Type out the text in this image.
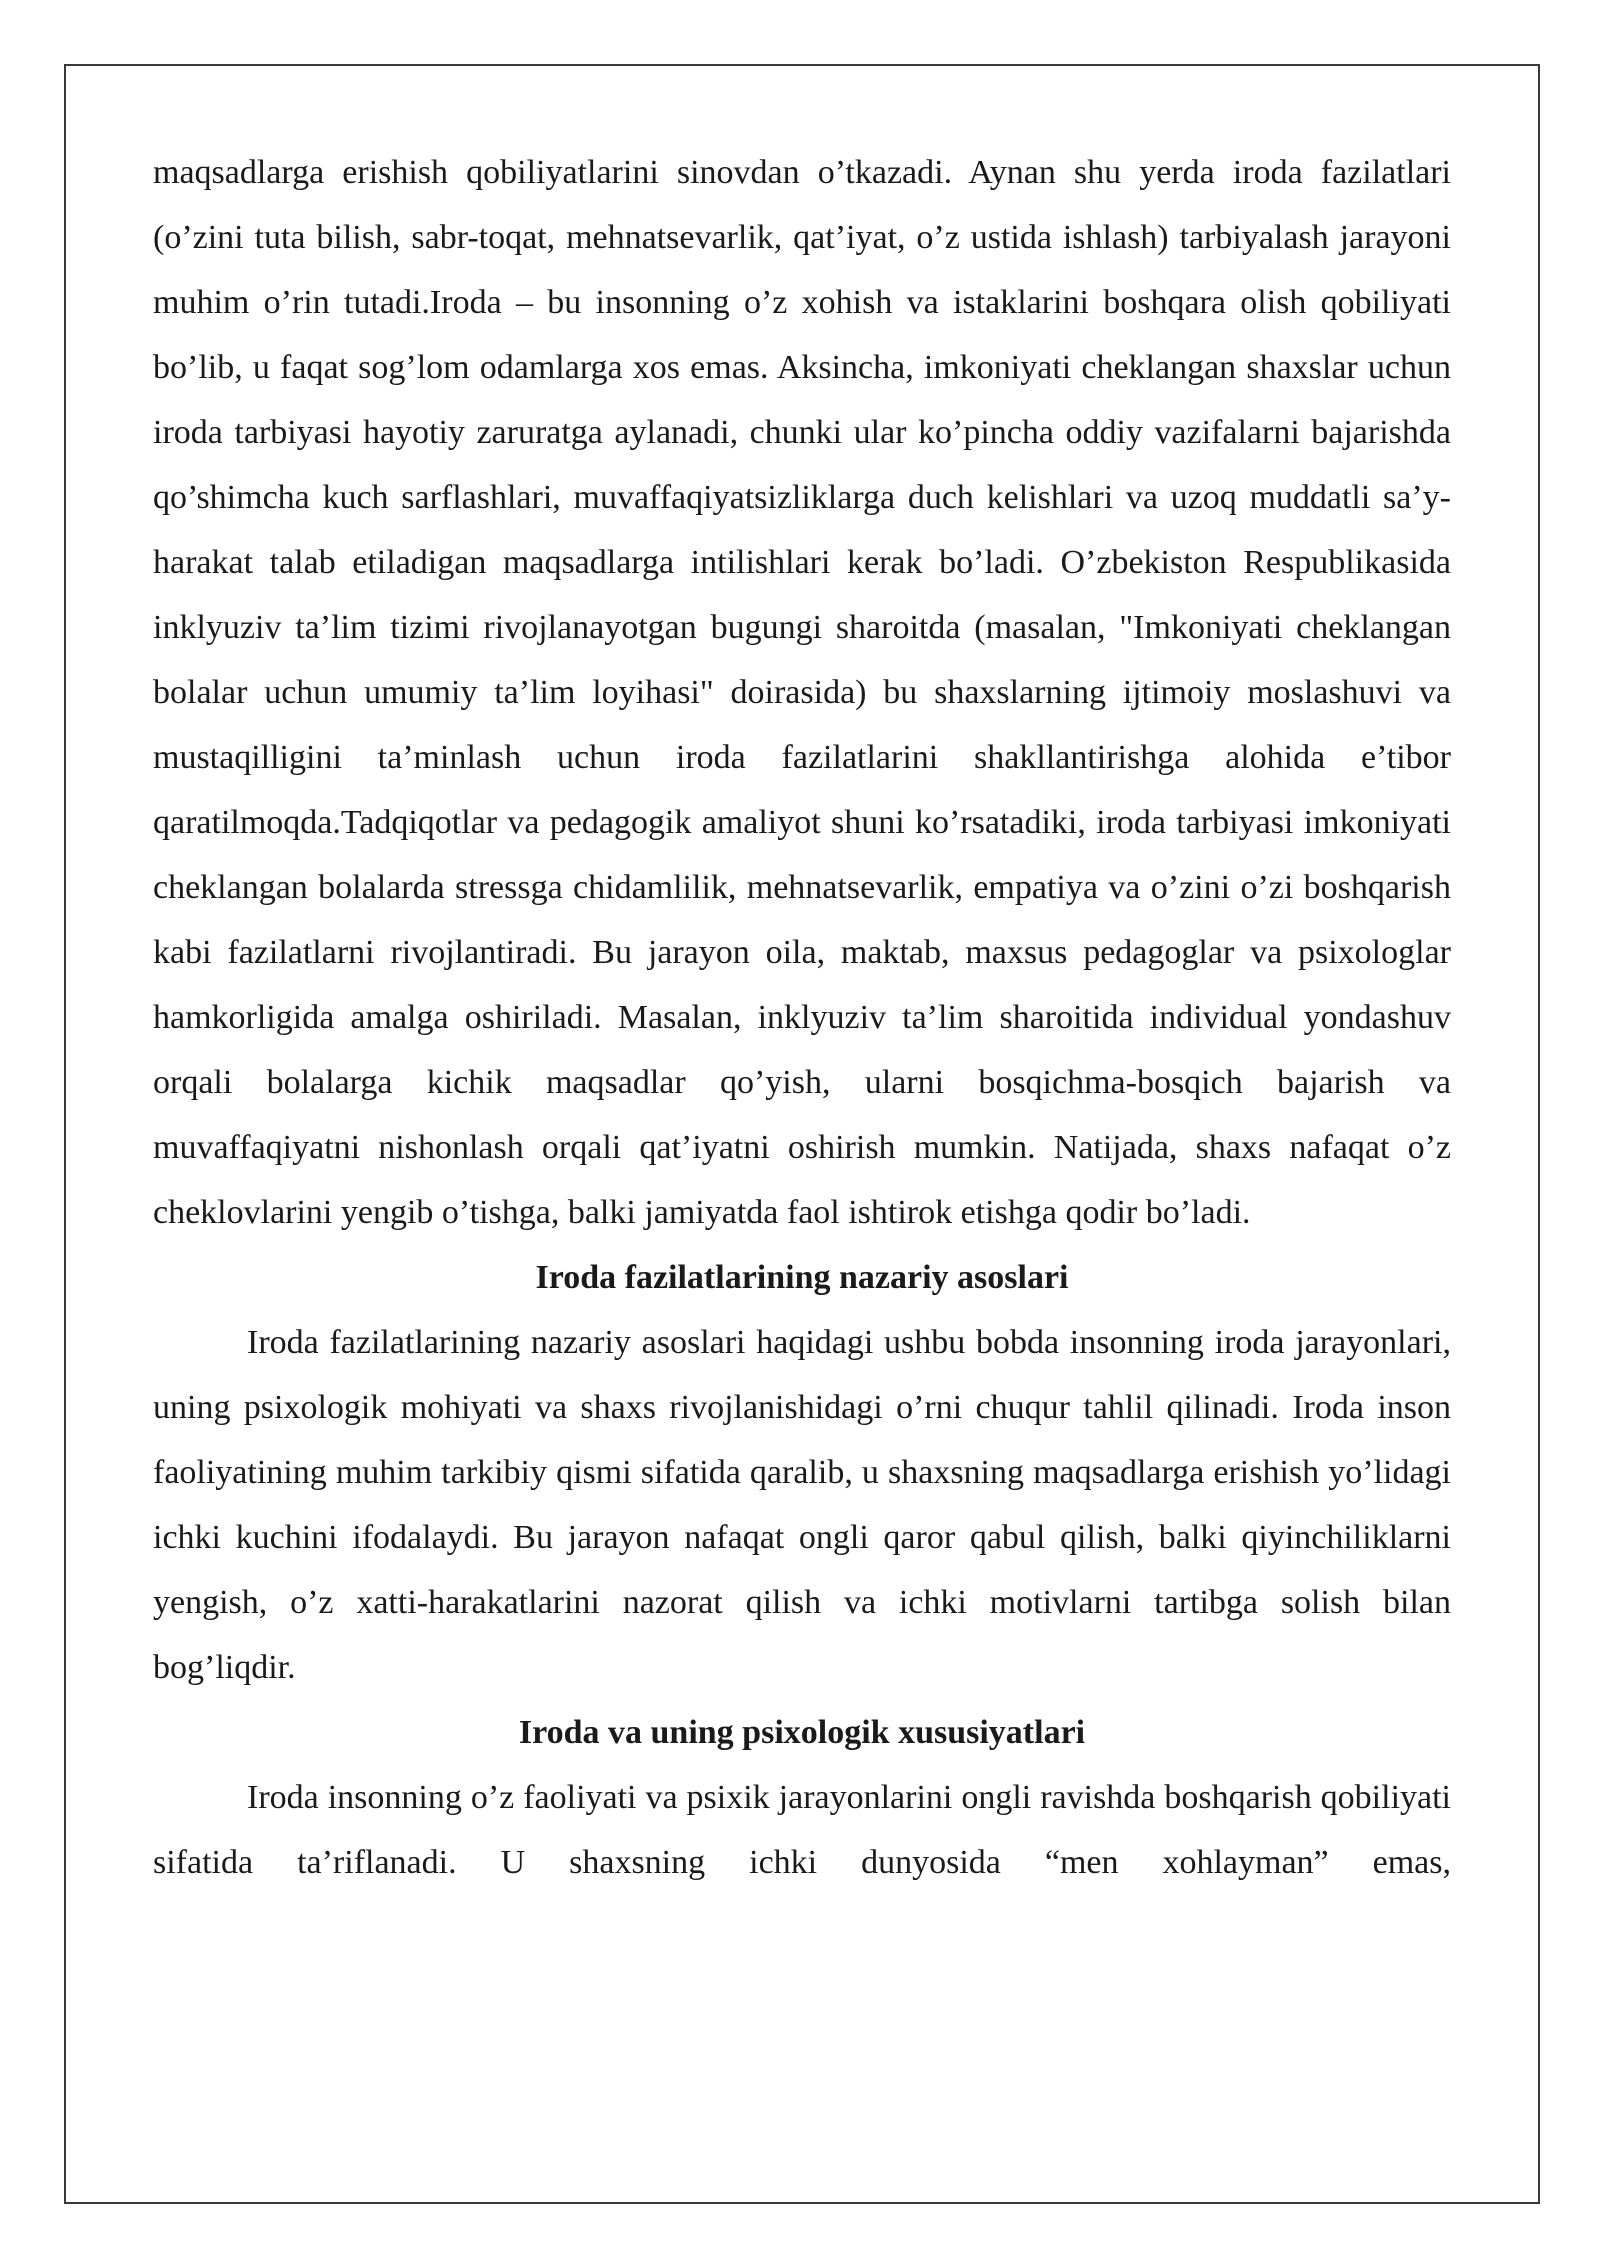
maqsadlarga erishish qobiliyatlarini sinovdan o’tkazadi. Aynan shu yerda iroda fazilatlari (o’zini tuta bilish, sabr-toqat, mehnatsevarlik, qat’iyat, o’z ustida ishlash) tarbiyalash jarayoni muhim o’rin tutadi.Iroda – bu insonning o’z xohish va istaklarini boshqara olish qobiliyati bo’lib, u faqat sog’lom odamlarga xos emas. Aksincha, imkoniyati cheklangan shaxslar uchun iroda tarbiyasi hayotiy zaruratga aylanadi, chunki ular ko’pincha oddiy vazifalarni bajarishda qo’shimcha kuch sarflashlari, muvaffaqiyatsizliklarga duch kelishlari va uzoq muddatli sa’y-harakat talab etiladigan maqsadlarga intilishlari kerak bo’ladi. O’zbekiston Respublikasida inklyuziv ta’lim tizimi rivojlanayotgan bugungi sharoitda (masalan, "Imkoniyati cheklangan bolalar uchun umumiy ta’lim loyihasi" doirasida) bu shaxslarning ijtimoiy moslashuvi va mustaqilligini ta’minlash uchun iroda fazilatlarini shakllantirishga alohida e’tibor qaratilmoqda.Tadqiqotlar va pedagogik amaliyot shuni ko’rsatadiki, iroda tarbiyasi imkoniyati cheklangan bolalarda stressga chidamlilik, mehnatsevarlik, empatiya va o’zini o’zi boshqarish kabi fazilatlarni rivojlantiradi. Bu jarayon oila, maktab, maxsus pedagoglar va psixologlar hamkorligida amalga oshiriladi. Masalan, inklyuziv ta’lim sharoitida individual yondashuv orqali bolalarga kichik maqsadlar qo’yish, ularni bosqichma-bosqich bajarish va muvaffaqiyatni nishonlash orqali qat’iyatni oshirish mumkin. Natijada, shaxs nafaqat o’z cheklovlarini yengib o’tishga, balki jamiyatda faol ishtirok etishga qodir bo’ladi.

Iroda fazilatlarining nazariy asoslari

Iroda fazilatlarining nazariy asoslari haqidagi ushbu bobda insonning iroda jarayonlari, uning psixologik mohiyati va shaxs rivojlanishidagi o’rni chuqur tahlil qilinadi. Iroda inson faoliyatining muhim tarkibiy qismi sifatida qaralib, u shaxsning maqsadlarga erishish yo’lidagi ichki kuchini ifodalaydi. Bu jarayon nafaqat ongli qaror qabul qilish, balki qiyinchiliklarni yengish, o’z xatti-harakatlarini nazorat qilish va ichki motivlarni tartibga solish bilan bog’liqdir.

Iroda va uning psixologik xususiyatlari

Iroda insonning o’z faoliyati va psixik jarayonlarini ongli ravishda boshqarish qobiliyati sifatida ta’riflanadi. U shaxsning ichki dunyosida “men xohlayman” emas,
